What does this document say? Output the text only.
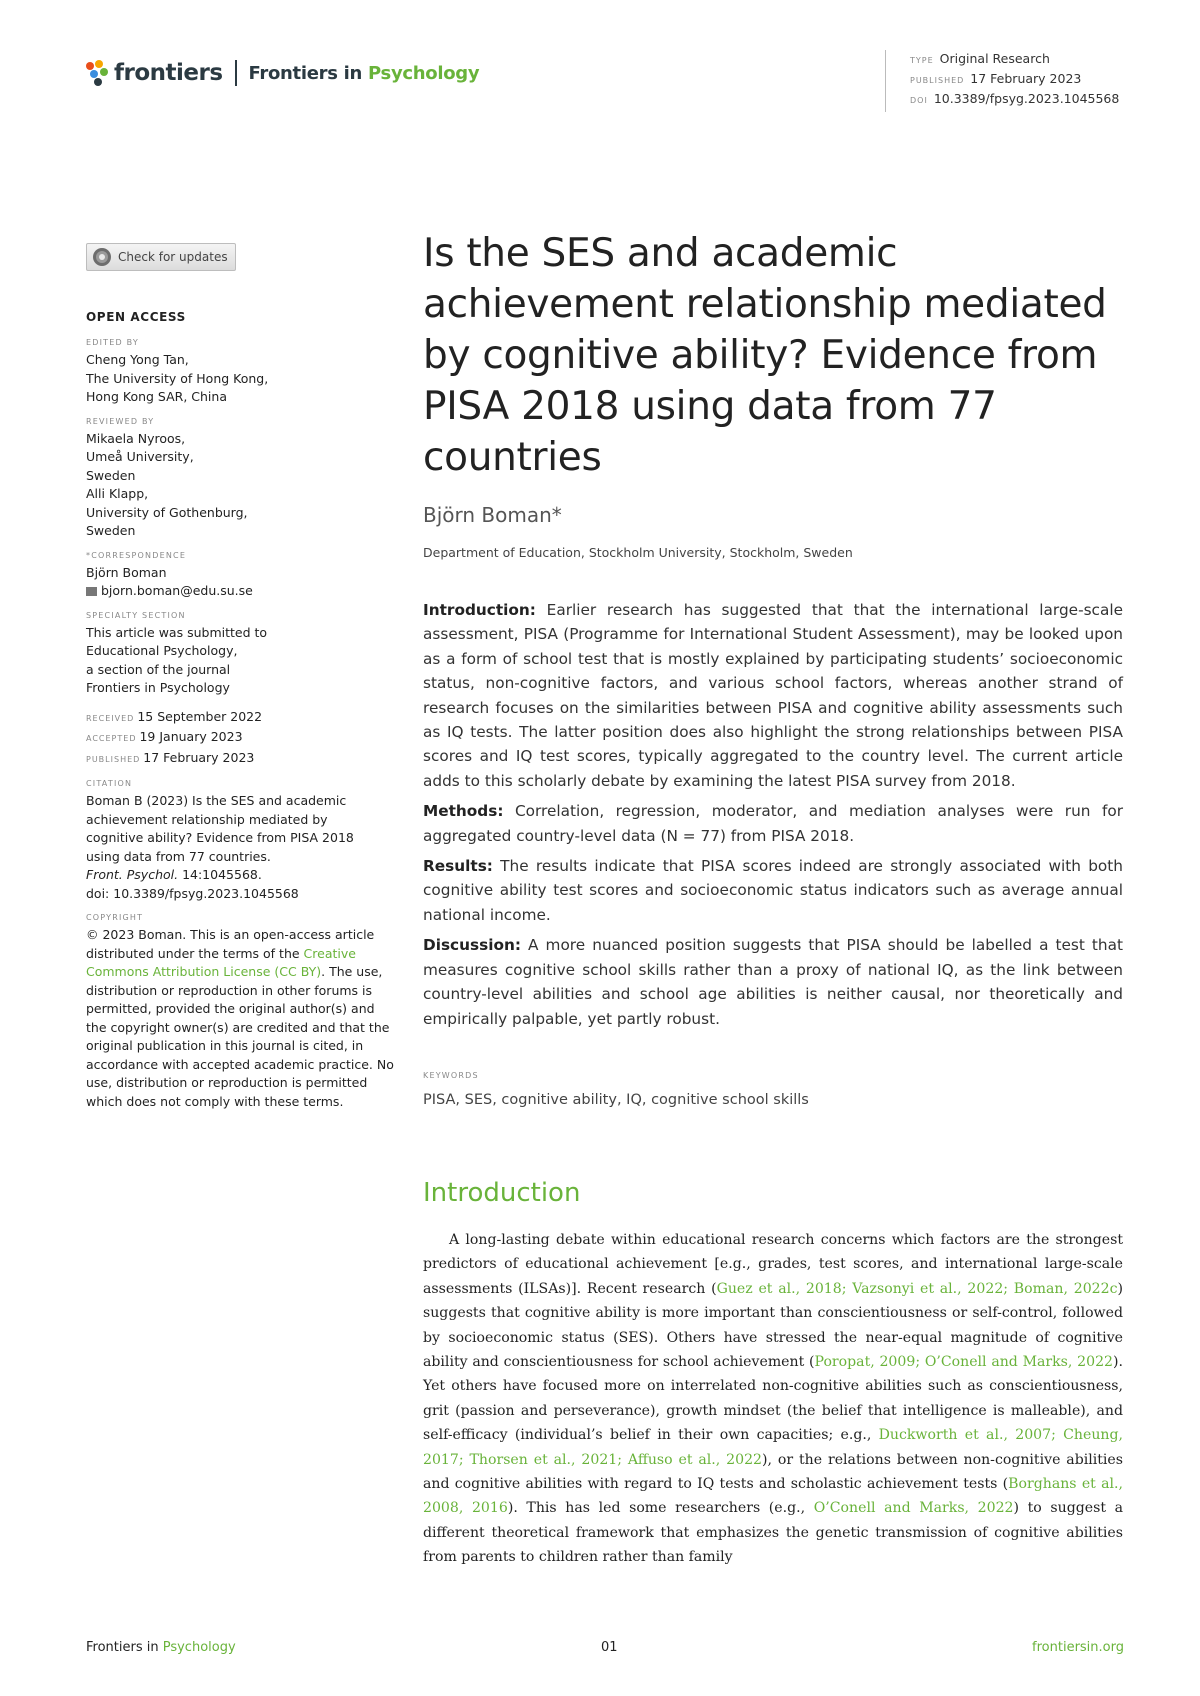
frontiers Frontiers in Psychology
TYPE Original Research
PUBLISHED 17 February 2023
DOI 10.3389/fpsyg.2023.1045568
Check for updates
OPEN ACCESS
EDITED BY
Cheng Yong Tan,
The University of Hong Kong,
Hong Kong SAR, China
REVIEWED BY
Mikaela Nyroos,
Umeå University,
Sweden
Alli Klapp,
University of Gothenburg,
Sweden
*CORRESPONDENCE
Björn Boman
bjorn.boman@edu.su.se
SPECIALTY SECTION
This article was submitted to
Educational Psychology,
a section of the journal
Frontiers in Psychology
RECEIVED 15 September 2022
ACCEPTED 19 January 2023
PUBLISHED 17 February 2023
CITATION
Boman B (2023) Is the SES and academic
achievement relationship mediated by
cognitive ability? Evidence from PISA 2018
using data from 77 countries.
Front. Psychol. 14:1045568.
doi: 10.3389/fpsyg.2023.1045568
COPYRIGHT
© 2023 Boman. This is an open-access article distributed under the terms of the Creative Commons Attribution License (CC BY). The use, distribution or reproduction in other forums is permitted, provided the original author(s) and the copyright owner(s) are credited and that the original publication in this journal is cited, in accordance with accepted academic practice. No use, distribution or reproduction is permitted which does not comply with these terms.
Is the SES and academic achievement relationship mediated by cognitive ability? Evidence from PISA 2018 using data from 77 countries
Björn Boman*
Department of Education, Stockholm University, Stockholm, Sweden

Introduction: Earlier research has suggested that that the international large-scale assessment, PISA (Programme for International Student Assessment), may be looked upon as a form of school test that is mostly explained by participating students’ socioeconomic status, non-cognitive factors, and various school factors, whereas another strand of research focuses on the similarities between PISA and cognitive ability assessments such as IQ tests. The latter position does also highlight the strong relationships between PISA scores and IQ test scores, typically aggregated to the country level. The current article adds to this scholarly debate by examining the latest PISA survey from 2018.

Methods: Correlation, regression, moderator, and mediation analyses were run for aggregated country-level data (N = 77) from PISA 2018.

Results: The results indicate that PISA scores indeed are strongly associated with both cognitive ability test scores and socioeconomic status indicators such as average annual national income.

Discussion: A more nuanced position suggests that PISA should be labelled a test that measures cognitive school skills rather than a proxy of national IQ, as the link between country-level abilities and school age abilities is neither causal, nor theoretically and empirically palpable, yet partly robust.

KEYWORDS
PISA, SES, cognitive ability, IQ, cognitive school skills
Introduction

A long-lasting debate within educational research concerns which factors are the strongest predictors of educational achievement [e.g., grades, test scores, and international large-scale assessments (ILSAs)]. Recent research (Guez et al., 2018; Vazsonyi et al., 2022; Boman, 2022c) suggests that cognitive ability is more important than conscientiousness or self-control, followed by socioeconomic status (SES). Others have stressed the near-equal magnitude of cognitive ability and conscientiousness for school achievement (Poropat, 2009; O’Conell and Marks, 2022). Yet others have focused more on interrelated non-cognitive abilities such as conscientiousness, grit (passion and perseverance), growth mindset (the belief that intelligence is malleable), and self-efficacy (individual’s belief in their own capacities; e.g., Duckworth et al., 2007; Cheung, 2017; Thorsen et al., 2021; Affuso et al., 2022), or the relations between non-cognitive abilities and cognitive abilities with regard to IQ tests and scholastic achievement tests (Borghans et al., 2008, 2016). This has led some researchers (e.g., O’Conell and Marks, 2022) to suggest a different theoretical framework that emphasizes the genetic transmission of cognitive abilities from parents to children rather than family

Frontiers in Psychology	01	frontiersin.org
